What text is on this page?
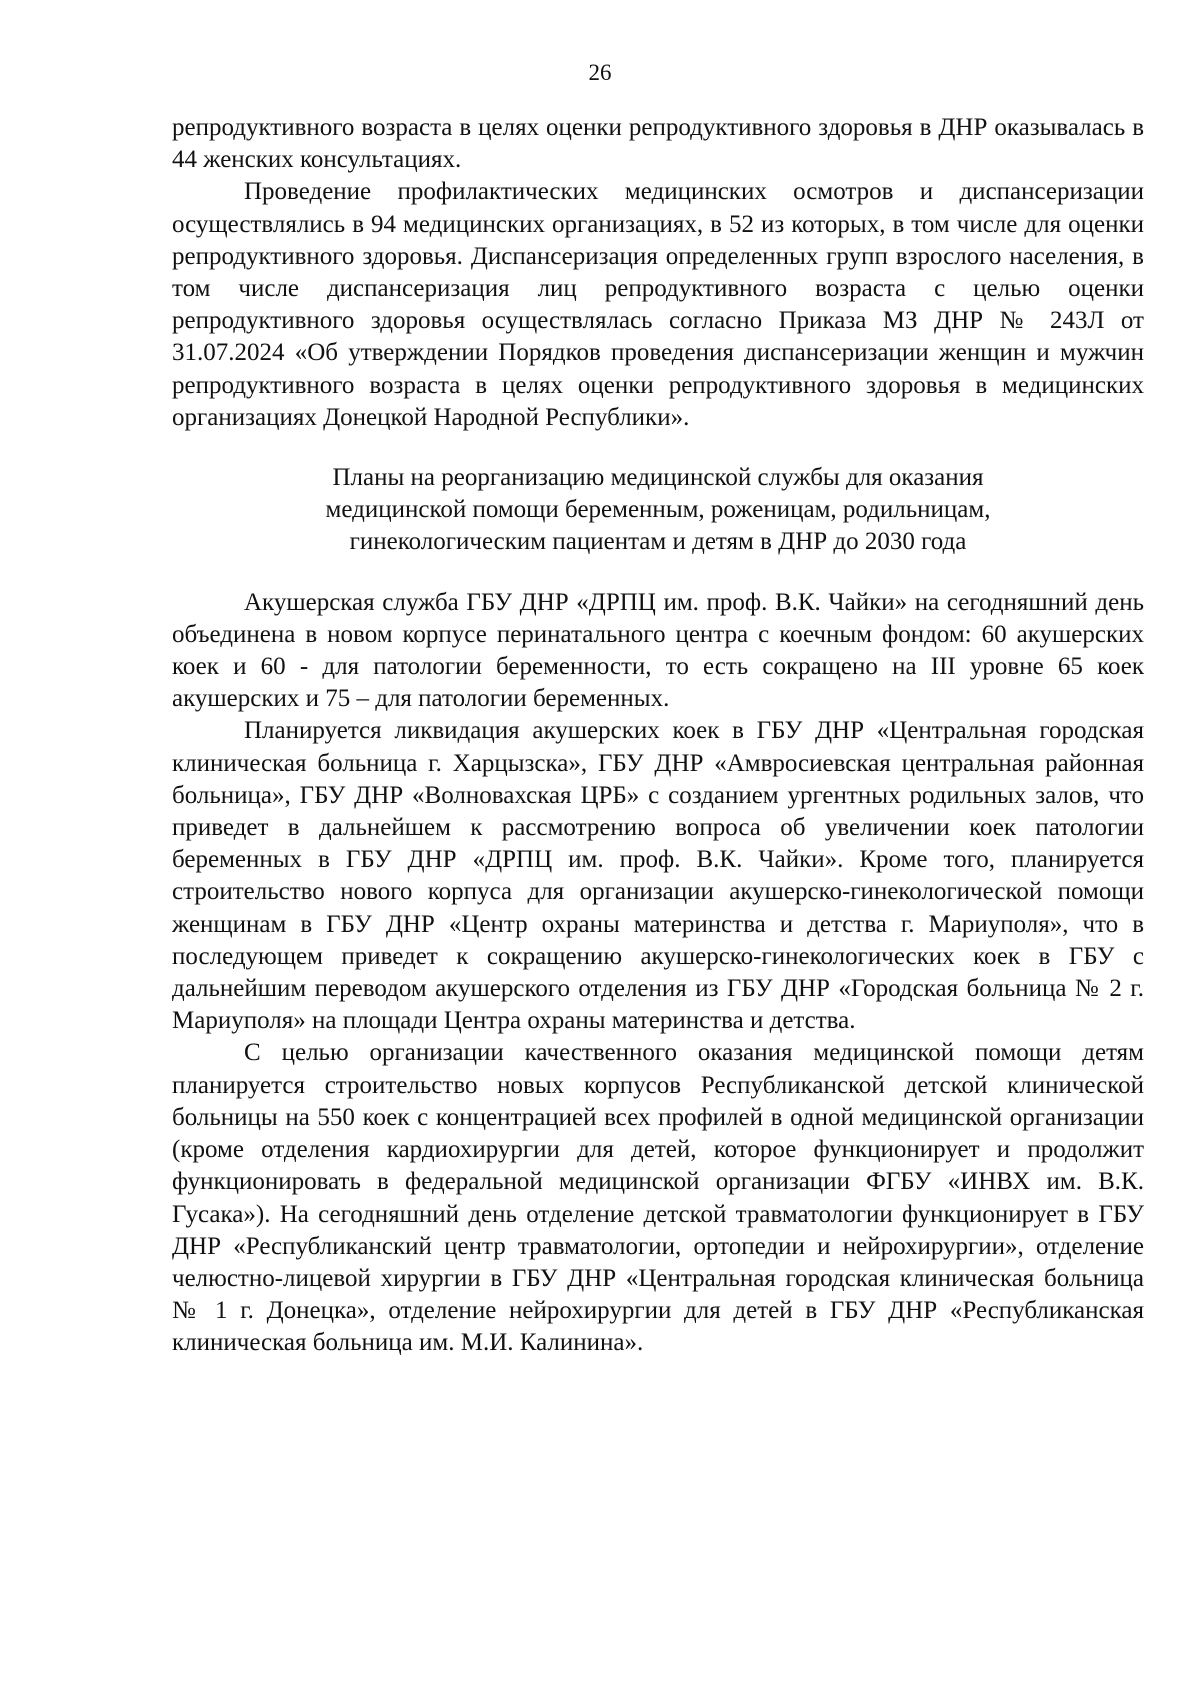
26

репродуктивного возраста в целях оценки репродуктивного здоровья в ДНР оказывалась в 44 женских консультациях.

Проведение профилактических медицинских осмотров и диспансеризации осуществлялись в 94 медицинских организациях, в 52 из которых, в том числе для оценки репродуктивного здоровья. Диспансеризация определенных групп взрослого населения, в том числе диспансеризация лиц репродуктивного возраста с целью оценки репродуктивного здоровья осуществлялась согласно Приказа МЗ ДНР № 243Л от 31.07.2024 «Об утверждении Порядков проведения диспансеризации женщин и мужчин репродуктивного возраста в целях оценки репродуктивного здоровья в медицинских организациях Донецкой Народной Республики».

Планы на реорганизацию медицинской службы для оказания
медицинской помощи беременным, роженицам, родильницам,
гинекологическим пациентам и детям в ДНР до 2030 года

Акушерская служба ГБУ ДНР «ДРПЦ им. проф. В.К. Чайки» на сегодняшний день объединена в новом корпусе перинатального центра с коечным фондом: 60 акушерских коек и 60 - для патологии беременности, то есть сокращено на III уровне 65 коек акушерских и 75 – для патологии беременных.

Планируется ликвидация акушерских коек в ГБУ ДНР «Центральная городская клиническая больница г. Харцызска», ГБУ ДНР «Амвросиевская центральная районная больница», ГБУ ДНР «Волновахская ЦРБ» с созданием ургентных родильных залов, что приведет в дальнейшем к рассмотрению вопроса об увеличении коек патологии беременных в ГБУ ДНР «ДРПЦ им. проф. В.К. Чайки». Кроме того, планируется строительство нового корпуса для организации акушерско-гинекологической помощи женщинам в ГБУ ДНР «Центр охраны материнства и детства г. Мариуполя», что в последующем приведет к сокращению акушерско-гинекологических коек в ГБУ с дальнейшим переводом акушерского отделения из ГБУ ДНР «Городская больница № 2 г. Мариуполя» на площади Центра охраны материнства и детства.

С целью организации качественного оказания медицинской помощи детям планируется строительство новых корпусов Республиканской детской клинической больницы на 550 коек с концентрацией всех профилей в одной медицинской организации (кроме отделения кардиохирургии для детей, которое функционирует и продолжит функционировать в федеральной медицинской организации ФГБУ «ИНВХ им. В.К. Гусака»). На сегодняшний день отделение детской травматологии функционирует в ГБУ ДНР «Республиканский центр травматологии, ортопедии и нейрохирургии», отделение челюстно-лицевой хирургии в ГБУ ДНР «Центральная городская клиническая больница № 1 г. Донецка», отделение нейрохирургии для детей в ГБУ ДНР «Республиканская клиническая больница им. М.И. Калинина».
